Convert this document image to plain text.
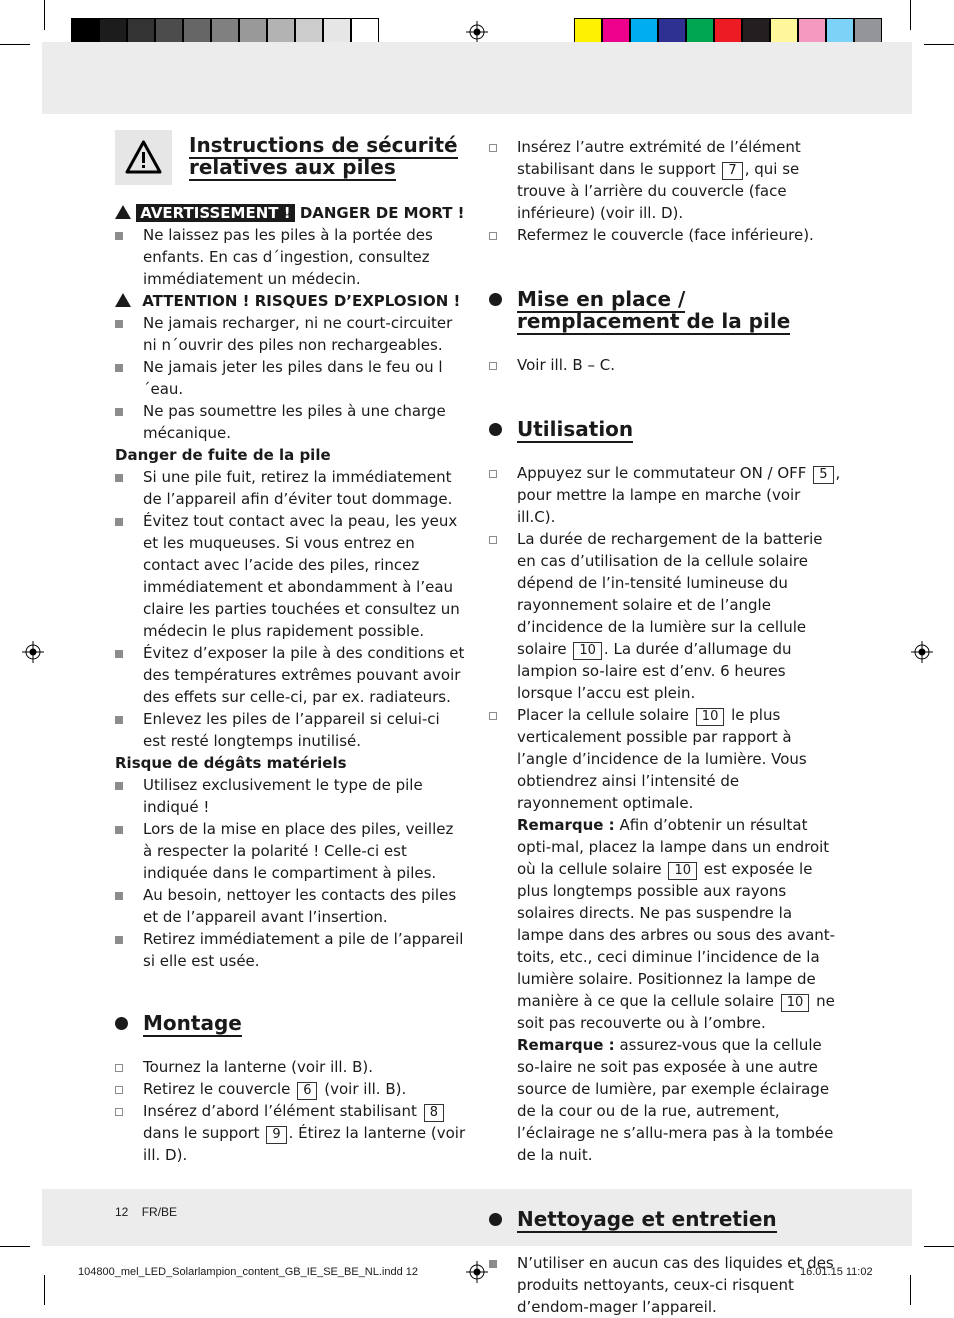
Instructions de sécurité
relatives aux piles
AVERTISSEMENT ! DANGER DE MORT !
Ne laissez pas les piles à la portée des enfants. En cas d´ingestion, consultez immédiatement un médecin.
ATTENTION ! RISQUES D’EXPLOSION !
Ne jamais recharger, ni ne court-circuiter ni n´ouvrir des piles non rechargeables.
Ne jamais jeter les piles dans le feu ou l´eau.
Ne pas soumettre les piles à une charge mécanique.

Danger de fuite de la pile

Si une pile fuit, retirez la immédiatement de l’appareil afin d’éviter tout dommage.
Évitez tout contact avec la peau, les yeux et les muqueuses. Si vous entrez en contact avec l’acide des piles, rincez immédiatement et abondamment à l’eau claire les parties touchées et consultez un médecin le plus rapidement possible.
Évitez d’exposer la pile à des conditions et des températures extrêmes pouvant avoir des effets sur celle-ci, par ex. radiateurs.
Enlevez les piles de l’appareil si celui-ci est resté longtemps inutilisé.

Risque de dégâts matériels

Utilisez exclusivement le type de pile indiqué !
Lors de la mise en place des piles, veillez à respecter la polarité ! Celle-ci est indiquée dans le compartiment à piles.
Au besoin, nettoyer les contacts des piles et de l’appareil avant l’insertion.
Retirez immédiatement a pile de l’appareil si elle est usée.
Montage
Tournez la lanterne (voir ill. B).
Retirez le couvercle 6 (voir ill. B).
Insérez d’abord l’élément stabilisant 8 dans le support 9 . Étirez la lanterne (voir ill. D).
Insérez l’autre extrémité de l’élément stabilisant dans le support 7 , qui se trouve à l’arrière du couvercle (face inférieure) (voir ill. D).
Refermez le couvercle (face inférieure).
Mise en place /
remplacement de la pile
Voir ill. B – C.
Utilisation
Appuyez sur le commutateur ON / OFF 5 , pour mettre la lampe en marche (voir ill.C).
La durée de rechargement de la batterie en cas d’utilisation de la cellule solaire dépend de l’in-tensité lumineuse du rayonnement solaire et de l’angle d’incidence de la lumière sur la cellule solaire 10 . La durée d’allumage du lampion so-laire est d’env. 6 heures lorsque l’accu est plein.
Placer la cellule solaire 10 le plus verticalement possible par rapport à l’angle d’incidence de la lumière. Vous obtiendrez ainsi l’intensité de rayonnement optimale.
Remarque : Afin d’obtenir un résultat opti-mal, placez la lampe dans un endroit où la cellule solaire 10 est exposée le plus longtemps possible aux rayons solaires directs. Ne pas suspendre la lampe dans des arbres ou sous des avant-toits, etc., ceci diminue l’incidence de la lumière solaire. Positionnez la lampe de manière à ce que la cellule solaire 10 ne soit pas recouverte ou à l’ombre.
Remarque : assurez-vous que la cellule so-laire ne soit pas exposée à une autre source de lumière, par exemple éclairage de la cour ou de la rue, autrement, l’éclairage ne s’allu-mera pas à la tombée de la nuit.
Nettoyage et entretien
N’utiliser en aucun cas des liquides et des produits nettoyants, ceux-ci risquent d’endom-mager l’appareil.
12 FR/BE
104800_mel_LED_Solarlampion_content_GB_IE_SE_BE_NL.indd 12	16.01.15 11:02
